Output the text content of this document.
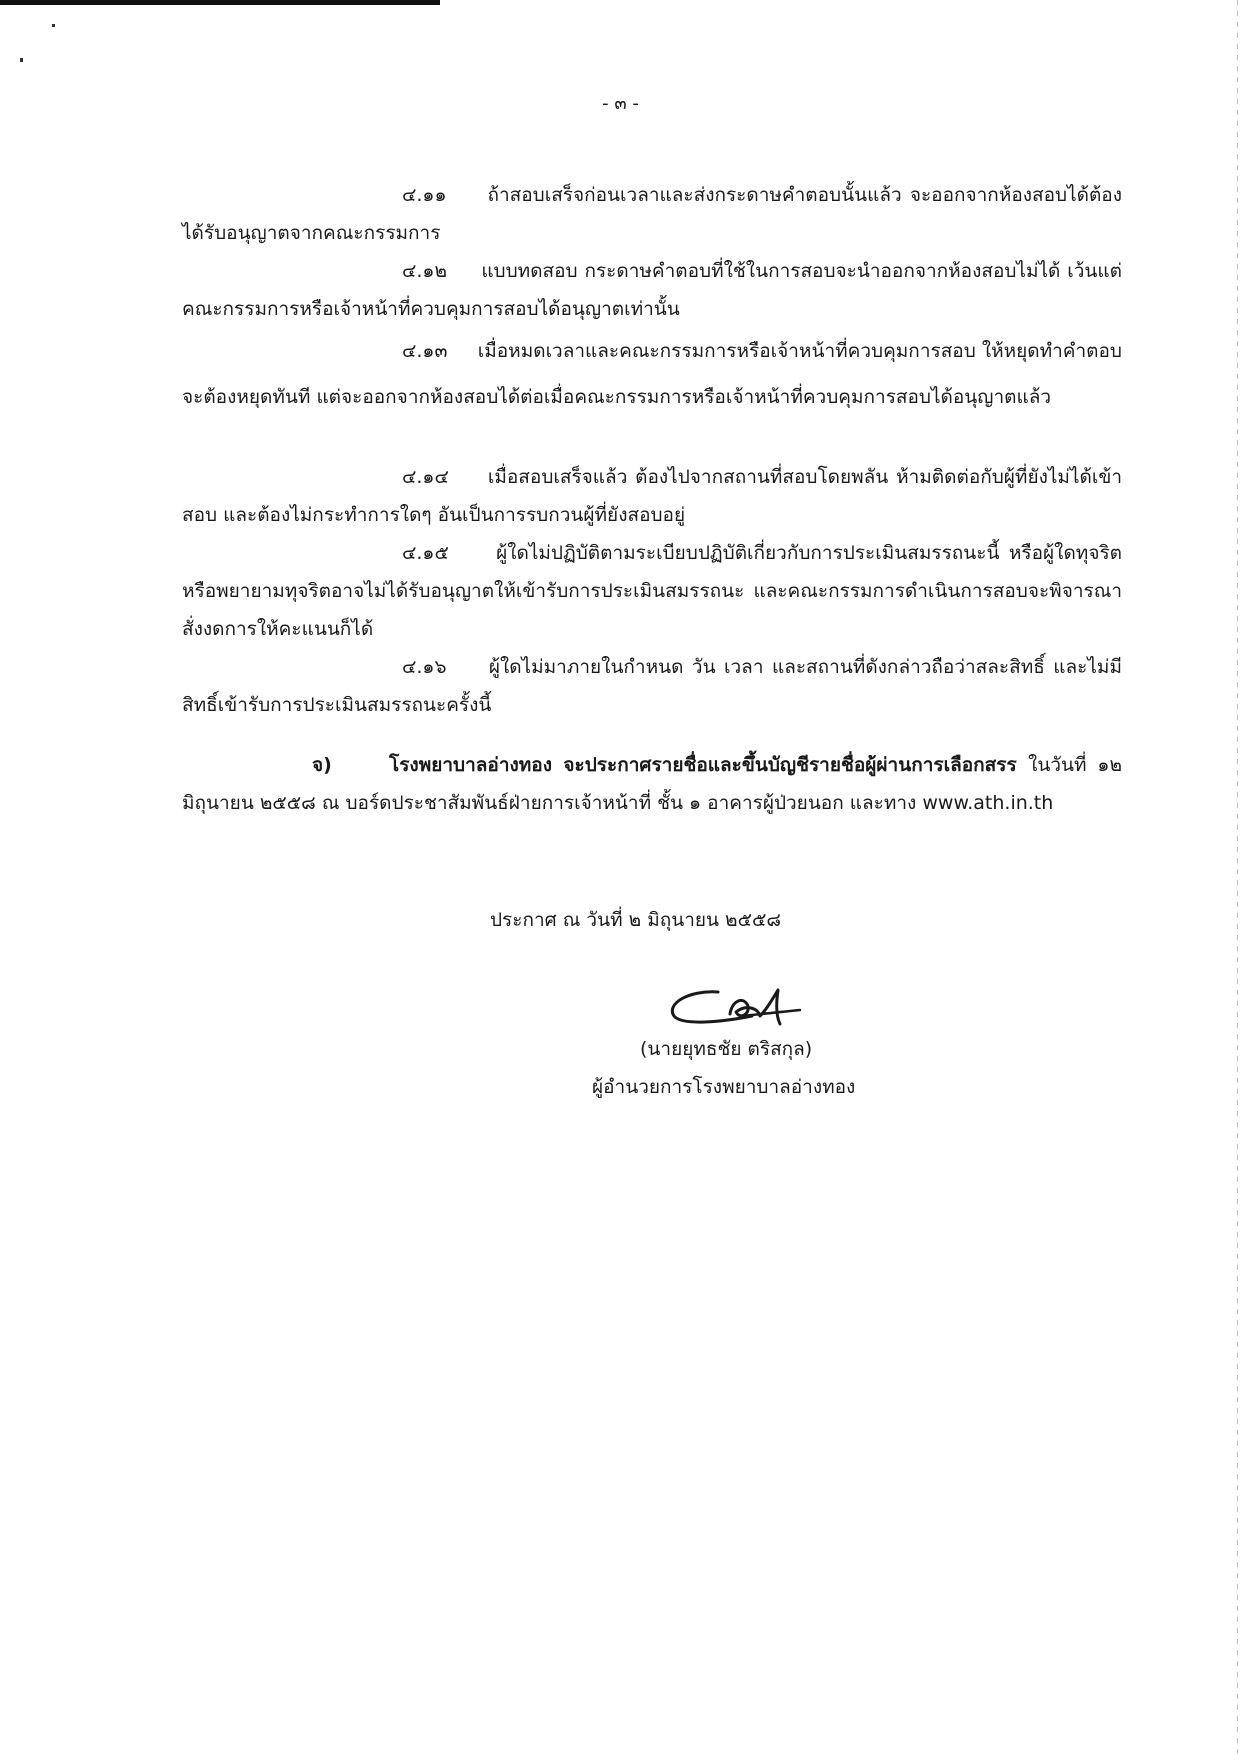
- ๓ -

๔.๑๑ ถ้าสอบเสร็จก่อนเวลาและส่งกระดาษคำตอบนั้นแล้ว จะออกจากห้องสอบได้ต้องได้รับอนุญาตจากคณะกรรมการ

๔.๑๒ แบบทดสอบ กระดาษคำตอบที่ใช้ในการสอบจะนำออกจากห้องสอบไม่ได้ เว้นแต่คณะกรรมการหรือเจ้าหน้าที่ควบคุมการสอบได้อนุญาตเท่านั้น

๔.๑๓ เมื่อหมดเวลาและคณะกรรมการหรือเจ้าหน้าที่ควบคุมการสอบ ให้หยุดทำคำตอบจะต้องหยุดทันที แต่จะออกจากห้องสอบได้ต่อเมื่อคณะกรรมการหรือเจ้าหน้าที่ควบคุมการสอบได้อนุญาตแล้ว

๔.๑๔ เมื่อสอบเสร็จแล้ว ต้องไปจากสถานที่สอบโดยพลัน ห้ามติดต่อกับผู้ที่ยังไม่ได้เข้าสอบ และต้องไม่กระทำการใดๆ อันเป็นการรบกวนผู้ที่ยังสอบอยู่

๔.๑๕ ผู้ใดไม่ปฏิบัติตามระเบียบปฏิบัติเกี่ยวกับการประเมินสมรรถนะนี้ หรือผู้ใดทุจริต หรือพยายามทุจริตอาจไม่ได้รับอนุญาตให้เข้ารับการประเมินสมรรถนะ และคณะกรรมการดำเนินการสอบจะพิจารณาสั่งงดการให้คะแนนก็ได้

๔.๑๖ ผู้ใดไม่มาภายในกำหนด วัน เวลา และสถานที่ดังกล่าวถือว่าสละสิทธิ์ และไม่มีสิทธิ์เข้ารับการประเมินสมรรถนะครั้งนี้

จ)	โรงพยาบาลอ่างทอง จะประกาศรายชื่อและขึ้นบัญชีรายชื่อผู้ผ่านการเลือกสรร ในวันที่ ๑๒ มิถุนายน ๒๕๕๘ ณ บอร์ดประชาสัมพันธ์ฝ่ายการเจ้าหน้าที่ ชั้น ๑ อาคารผู้ป่วยนอก และทาง www.ath.in.th

ประกาศ ณ วันที่ ๒ มิถุนายน ๒๕๕๘
(นายยุทธชัย ตริสกุล)
ผู้อำนวยการโรงพยาบาลอ่างทอง
